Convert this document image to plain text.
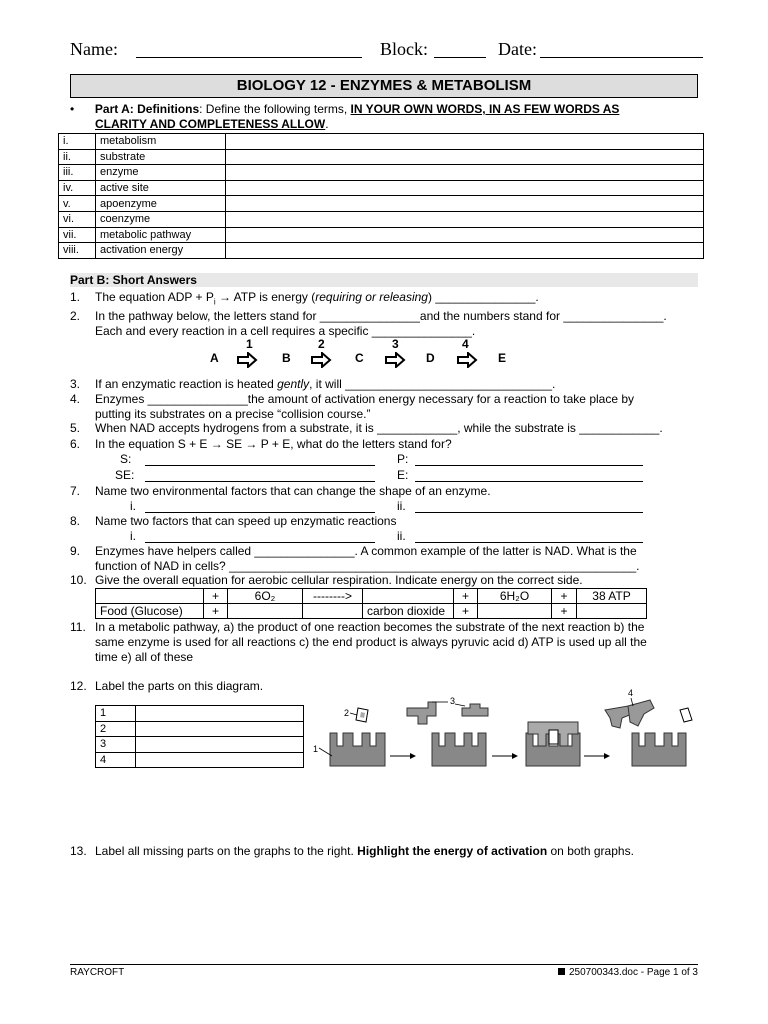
Name:	Block:	Date:
BIOLOGY 12 - ENZYMES & METABOLISM
• Part A: Definitions: Define the following terms, IN YOUR OWN WORDS, IN AS FEW WORDS AS
CLARITY AND COMPLETENESS ALLOW.
i.	metabolism	
ii.	substrate	
iii.	enzyme	
iv.	active site	
v.	apoenzyme	
vi.	coenzyme	
vii.	metabolic pathway	
viii.	activation energy	
Part B: Short Answers
1.	The equation ADP + $P_i$ → ATP is energy (requiring or releasing) _______________.
2.	In the pathway below, the letters stand for _______________and the numbers stand for _______________.
Each and every reaction in a cell requires a specific _______________.
A
1
B
2
C
3
D
4
E
3.	If an enzymatic reaction is heated gently, it will _______________________________.
4.	Enzymes _______________the amount of activation energy necessary for a reaction to take place by
putting its substrates on a precise “collision course.”
5.	When NAD accepts hydrogens from a substrate, it is ____________, while the substrate is ____________.
6.	In the equation S + E → SE → P + E, what do the letters stand for?
S:	P:
SE:	E:
7.	Name two environmental factors that can change the shape of an enzyme.
i.	ii.
8.	Name two factors that can speed up enzymatic reactions
i.	ii.
9.	Enzymes have helpers called _______________. A common example of the latter is NAD. What is the
function of NAD in cells? _____________________________________________________________.
10. Give the overall equation for aerobic cellular respiration. Indicate energy on the correct side.
	+	6O₂	-------->		+	6H₂O	+	38 ATP
Food (Glucose)	+			carbon dioxide	+		+	
11. In a metabolic pathway, a) the product of one reaction becomes the substrate of the next reaction b) the
same enzyme is used for all reactions c) the end product is always pyruvic acid d) ATP is used up all the
time e) all of these
12. Label the parts on this diagram.
1	
2	
3	
4	
1
2
3
4
13. Label all missing parts on the graphs to the right. Highlight the energy of activation on both graphs.
RAYCROFT	250700343.doc - Page 1 of 3
